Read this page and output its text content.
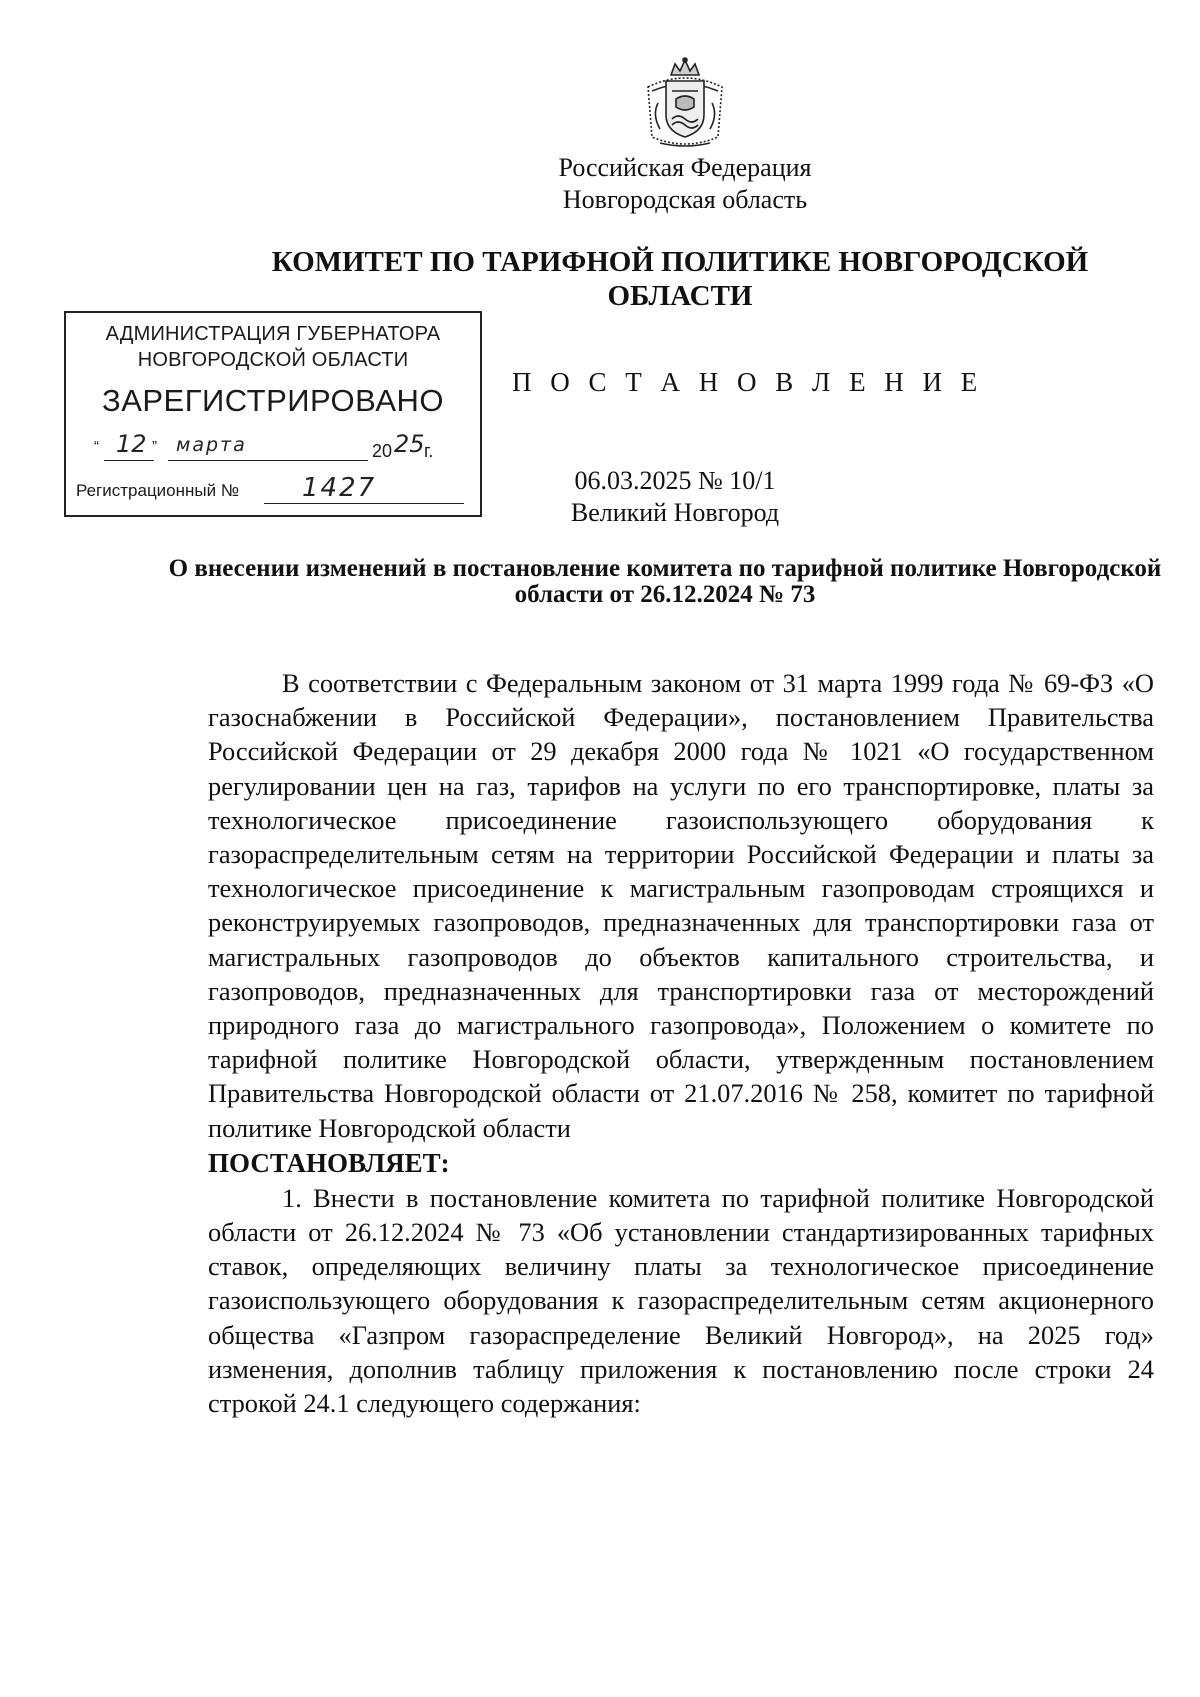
Российская Федерация
Новгородская область
КОМИТЕТ ПО ТАРИФНОЙ ПОЛИТИКЕ НОВГОРОДСКОЙ ОБЛАСТИ
АДМИНИСТРАЦИЯ ГУБЕРНАТОРА
НОВГОРОДСКОЙ ОБЛАСТИ
ЗАРЕГИСТРИРОВАНО
“ 12 ” марта	20 25 г.
Регистрационный № 1427
П О С Т А Н О В Л Е Н И Е
06.03.2025 № 10/1
Великий Новгород
О внесении изменений в постановление комитета по тарифной политике Новгородской области от 26.12.2024 № 73

В соответствии с Федеральным законом от 31 марта 1999 года № 69-ФЗ «О газоснабжении в Российской Федерации», постановлением Правительства Российской Федерации от 29 декабря 2000 года № 1021 «О государственном регулировании цен на газ, тарифов на услуги по его транспортировке, платы за технологическое присоединение газоиспользующего оборудования к газораспределительным сетям на территории Российской Федерации и платы за технологическое присоединение к магистральным газопроводам строящихся и реконструируемых газопроводов, предназначенных для транспортировки газа от магистральных газопроводов до объектов капитального строительства, и газопроводов, предназначенных для транспортировки газа от месторождений природного газа до магистрального газопровода», Положением о комитете по тарифной политике Новгородской области, утвержденным постановлением Правительства Новгородской области от 21.07.2016 № 258, комитет по тарифной политике Новгородской области

ПОСТАНОВЛЯЕТ:

1. Внести в постановление комитета по тарифной политике Новгородской области от 26.12.2024 № 73 «Об установлении стандартизированных тарифных ставок, определяющих величину платы за технологическое присоединение газоиспользующего оборудования к газораспределительным сетям акционерного общества «Газпром газораспределение Великий Новгород», на 2025 год» изменения, дополнив таблицу приложения к постановлению после строки 24 строкой 24.1 следующего содержания:
